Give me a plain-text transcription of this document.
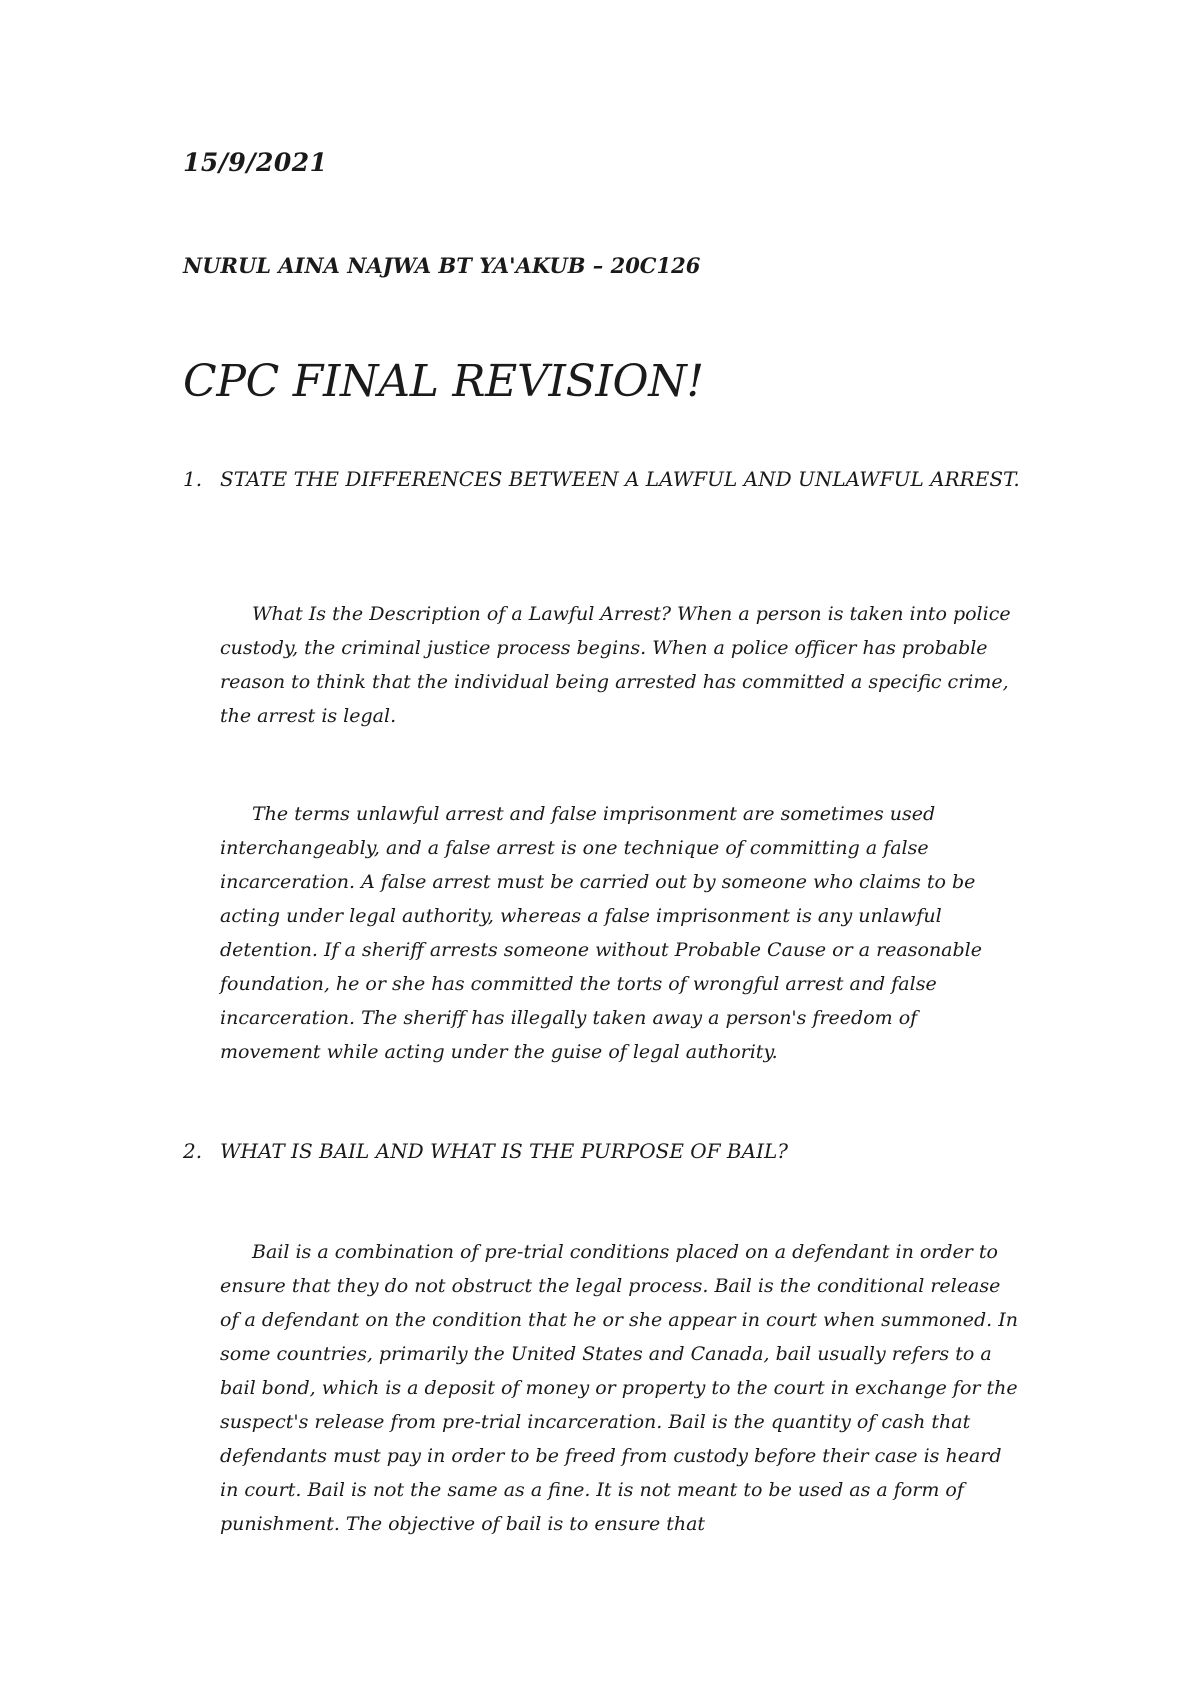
15/9/2021

NURUL AINA NAJWA BT YA'AKUB – 20C126

CPC FINAL REVISION!
1. STATE THE DIFFERENCES BETWEEN A LAWFUL AND UNLAWFUL ARREST.

What Is the Description of a Lawful Arrest? When a person is taken into police custody, the criminal justice process begins. When a police officer has probable reason to think that the individual being arrested has committed a specific crime, the arrest is legal.

The terms unlawful arrest and false imprisonment are sometimes used interchangeably, and a false arrest is one technique of committing a false incarceration. A false arrest must be carried out by someone who claims to be acting under legal authority, whereas a false imprisonment is any unlawful detention. If a sheriff arrests someone without Probable Cause or a reasonable foundation, he or she has committed the torts of wrongful arrest and false incarceration. The sheriff has illegally taken away a person's freedom of movement while acting under the guise of legal authority.

2. WHAT IS BAIL AND WHAT IS THE PURPOSE OF BAIL?

Bail is a combination of pre-trial conditions placed on a defendant in order to ensure that they do not obstruct the legal process. Bail is the conditional release of a defendant on the condition that he or she appear in court when summoned. In some countries, primarily the United States and Canada, bail usually refers to a bail bond, which is a deposit of money or property to the court in exchange for the suspect's release from pre-trial incarceration. Bail is the quantity of cash that defendants must pay in order to be freed from custody before their case is heard in court. Bail is not the same as a fine. It is not meant to be used as a form of punishment. The objective of bail is to ensure that
